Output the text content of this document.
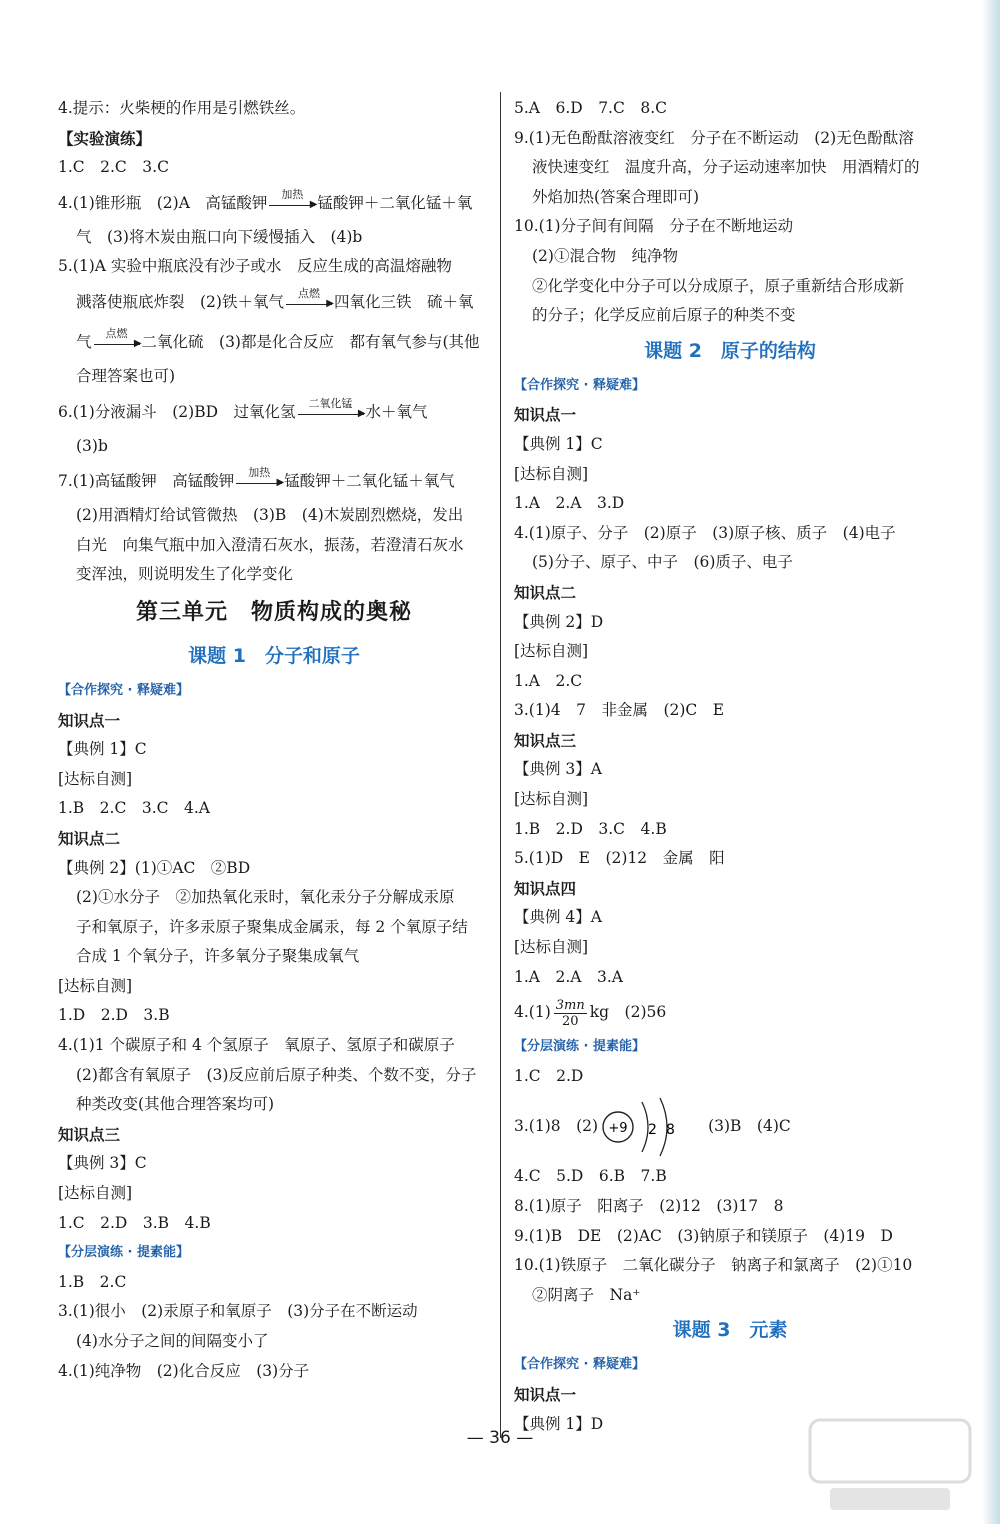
4.提示：火柴梗的作用是引燃铁丝。
【实验演练】
1.C　2.C　3.C
4.(1)锥形瓶　(2)A　高锰酸钾	加热
▶ 锰酸钾＋二氧化锰＋氧
气　(3)将木炭由瓶口向下缓慢插入　(4)b
5.(1)A 实验中瓶底没有沙子或水　反应生成的高温熔融物
溅落使瓶底炸裂　(2)铁＋氧气	点燃
▶ 四氧化三铁　硫＋氧
气	点燃
▶ 二氧化硫　(3)都是化合反应　都有氧气参与(其他
合理答案也可)
6.(1)分液漏斗　(2)BD　过氧化氢	二氧化锰
▶ 水＋氧气
(3)b
7.(1)高锰酸钾　高锰酸钾	加热
▶ 锰酸钾＋二氧化锰＋氧气
(2)用酒精灯给试管微热　(3)B　(4)木炭剧烈燃烧，发出
白光　向集气瓶中加入澄清石灰水，振荡，若澄清石灰水
变浑浊，则说明发生了化学变化
第三单元　物质构成的奥秘
课题 1　分子和原子
【合作探究 · 释疑难】
知识点一
【典例 1】C
[达标自测]
1.B　2.C　3.C　4.A
知识点二
【典例 2】(1)①AC　②BD
(2)①水分子　②加热氧化汞时，氧化汞分子分解成汞原
子和氧原子，许多汞原子聚集成金属汞，每 2 个氧原子结
合成 1 个氧分子，许多氧分子聚集成氧气
[达标自测]
1.D　2.D　3.B
4.(1)1 个碳原子和 4 个氢原子　氧原子、氢原子和碳原子
(2)都含有氧原子　(3)反应前后原子种类、个数不变，分子
种类改变(其他合理答案均可)
知识点三
【典例 3】C
[达标自测]
1.C　2.D　3.B　4.B
【分层演练 · 提素能】
1.B　2.C
3.(1)很小　(2)汞原子和氧原子　(3)分子在不断运动
(4)水分子之间的间隔变小了
4.(1)纯净物　(2)化合反应　(3)分子
5.A　6.D　7.C　8.C
9.(1)无色酚酞溶液变红　分子在不断运动　(2)无色酚酞溶
液快速变红　温度升高，分子运动速率加快　用酒精灯的
外焰加热(答案合理即可)
10.(1)分子间有间隔　分子在不断地运动
(2)①混合物　纯净物
②化学变化中分子可以分成原子，原子重新结合形成新
的分子；化学反应前后原子的种类不变
课题 2　原子的结构
【合作探究 · 释疑难】
知识点一
【典例 1】C
[达标自测]
1.A　2.A　3.D
4.(1)原子、分子　(2)原子　(3)原子核、质子　(4)电子
(5)分子、原子、中子　(6)质子、电子
知识点二
【典例 2】D
[达标自测]
1.A　2.C
3.(1)4　7　非金属　(2)C　E
知识点三
【典例 3】A
[达标自测]
1.B　2.D　3.C　4.B
5.(1)D　E　(2)12　金属　阳
知识点四
【典例 4】A
[达标自测]
1.A　2.A　3.A
$4.(1) \frac{3mn}{20}$ kg　(2)56
【分层演练 · 提素能】
1.C　2.D
3.(1)8　(2) +9 2 8 (3)B　(4)C
4.C　5.D　6.B　7.B
8.(1)原子　阳离子　(2)12　(3)17　8
9.(1)B　DE　(2)AC　(3)钠原子和镁原子　(4)19　D
10.(1)铁原子　二氧化碳分子　钠离子和氯离子　(2)①10
②阴离子　Na⁺
课题 3　元素
【合作探究 · 释疑难】
知识点一
【典例 1】D
— 36 —
